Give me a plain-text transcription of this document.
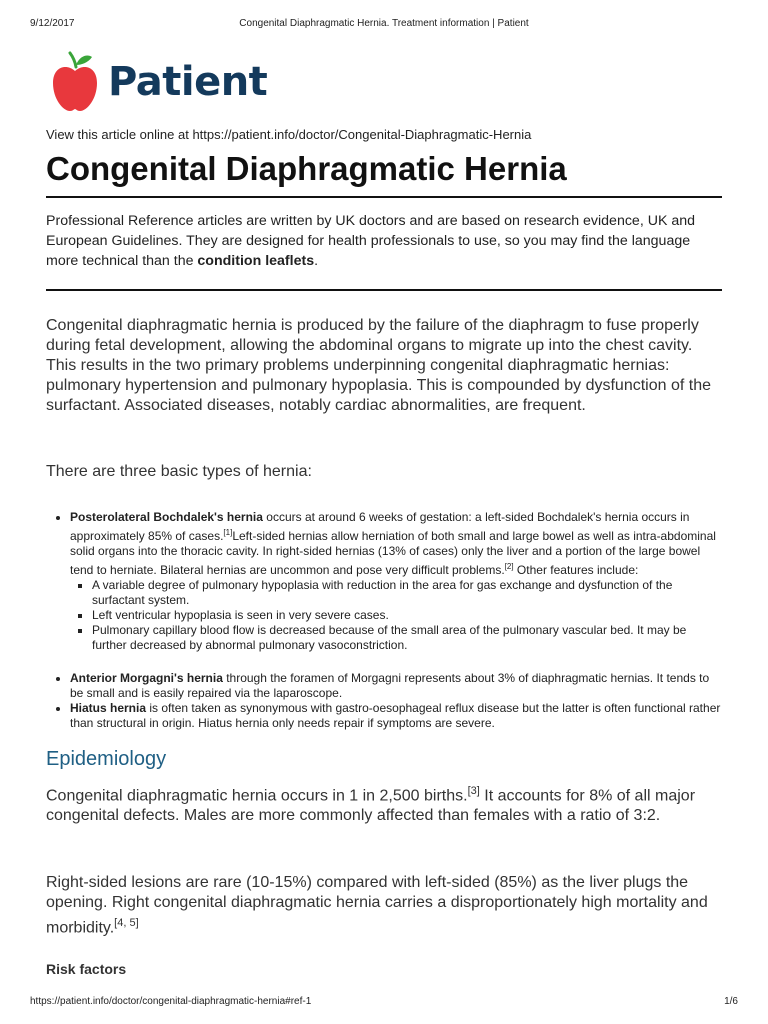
9/12/2017	Congenital Diaphragmatic Hernia. Treatment information | Patient
Patient
View this article online at https://patient.info/doctor/Congenital-Diaphragmatic-Hernia
Congenital Diaphragmatic Hernia
Professional Reference articles are written by UK doctors and are based on research evidence, UK and European Guidelines. They are designed for health professionals to use, so you may find the language more technical than the condition leaflets.
Congenital diaphragmatic hernia is produced by the failure of the diaphragm to fuse properly during fetal development, allowing the abdominal organs to migrate up into the chest cavity. This results in the two primary problems underpinning congenital diaphragmatic hernias: pulmonary hypertension and pulmonary hypoplasia. This is compounded by dysfunction of the surfactant. Associated diseases, notably cardiac abnormalities, are frequent.
There are three basic types of hernia:
• Posterolateral Bochdalek's hernia occurs at around 6 weeks of gestation: a left-sided Bochdalek's hernia occurs in approximately 85% of cases.[1]Left-sided hernias allow herniation of both small and large bowel as well as intra-abdominal solid organs into the thoracic cavity. In right-sided hernias (13% of cases) only the liver and a portion of the large bowel tend to herniate. Bilateral hernias are uncommon and pose very difficult problems.[2] Other features include:
▪ A variable degree of pulmonary hypoplasia with reduction in the area for gas exchange and dysfunction of the surfactant system.
▪ Left ventricular hypoplasia is seen in very severe cases.
▪ Pulmonary capillary blood flow is decreased because of the small area of the pulmonary vascular bed. It may be further decreased by abnormal pulmonary vasoconstriction.
• Anterior Morgagni's hernia through the foramen of Morgagni represents about 3% of diaphragmatic hernias. It tends to be small and is easily repaired via the laparoscope.
• Hiatus hernia is often taken as synonymous with gastro-oesophageal reflux disease but the latter is often functional rather than structural in origin. Hiatus hernia only needs repair if symptoms are severe.
Epidemiology
Congenital diaphragmatic hernia occurs in 1 in 2,500 births.[3] It accounts for 8% of all major congenital defects. Males are more commonly affected than females with a ratio of 3:2.
Right-sided lesions are rare (10-15%) compared with left-sided (85%) as the liver plugs the opening. Right congenital diaphragmatic hernia carries a disproportionately high mortality and morbidity.[4, 5]
Risk factors
https://patient.info/doctor/congenital-diaphragmatic-hernia#ref-1	1/6
